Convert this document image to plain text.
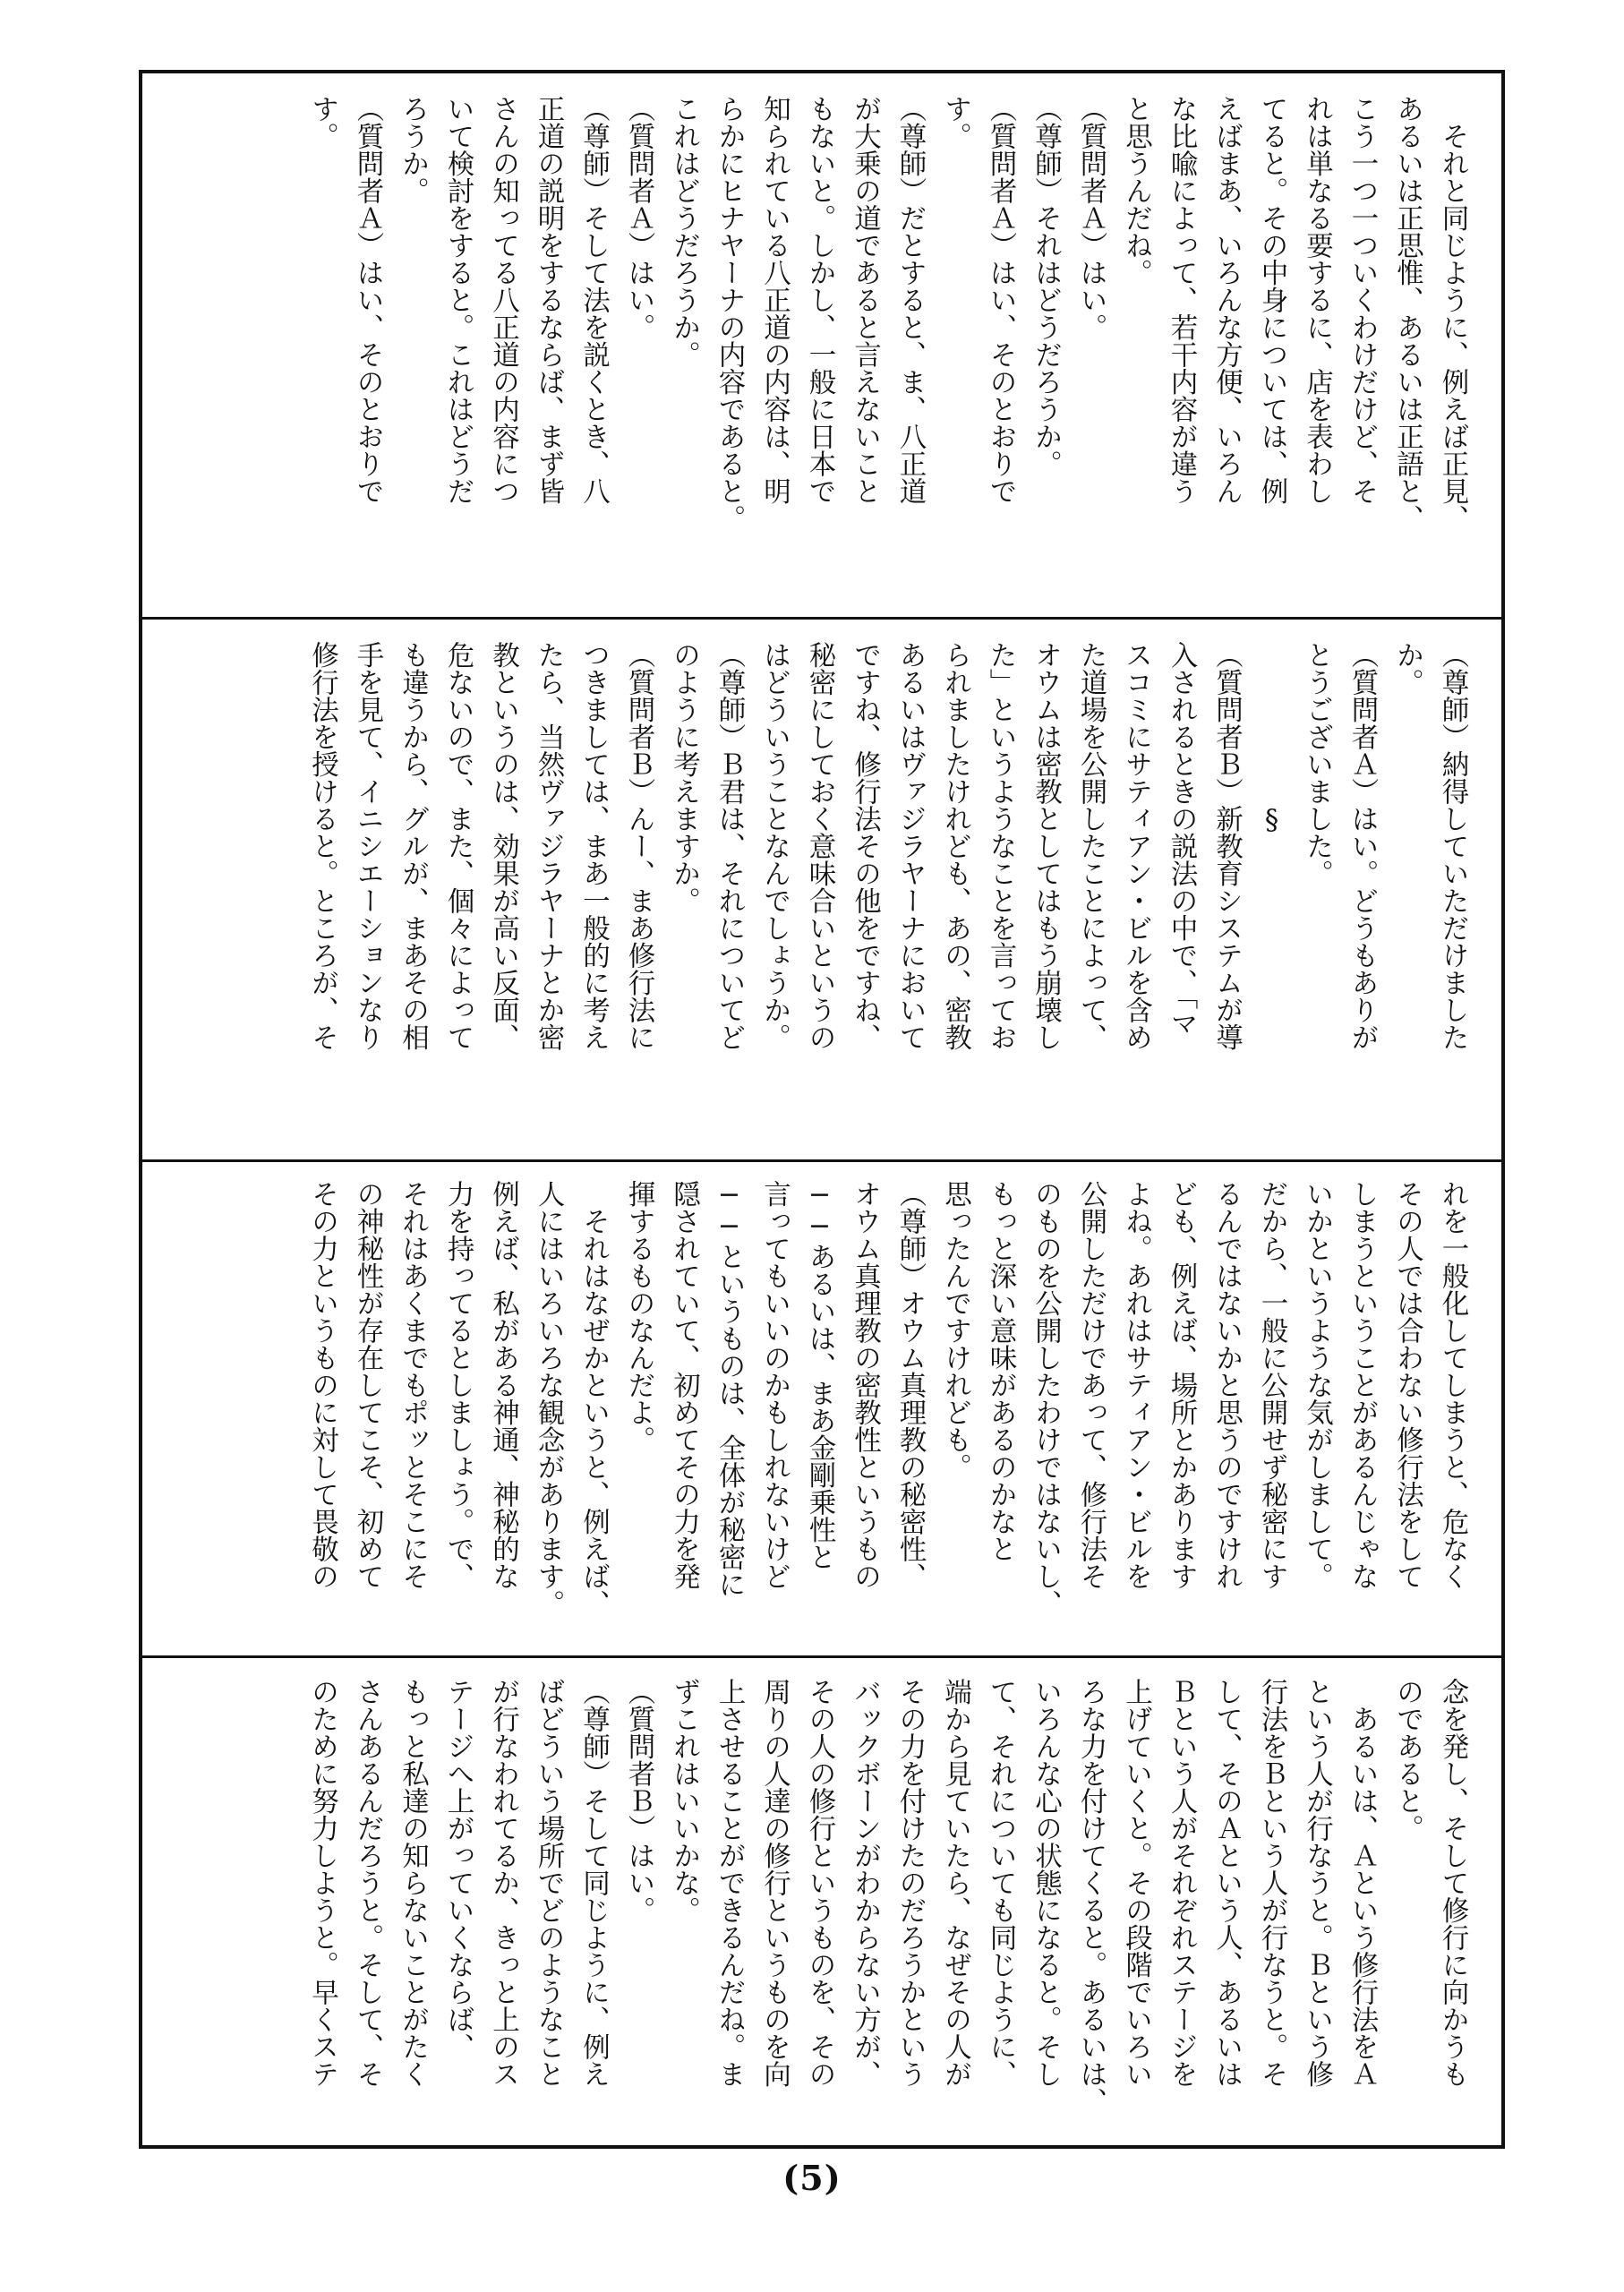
　それと同じように、例えば正見、
あるいは正思惟、あるいは正語と、
こう一つ一ついくわけだけど、そ
れは単なる要するに、店を表わし
てると。その中身については、例
えばまあ、いろんな方便、いろん
な比喩によって、若干内容が違う
と思うんだね。
（質問者Ａ）はい。
（尊師）それはどうだろうか。
（質問者Ａ）はい、そのとおりで
す。
（尊師）だとすると、ま、八正道
が大乗の道であると言えないこと
もないと。しかし、一般に日本で
知られている八正道の内容は、明
らかにヒナヤーナの内容であると。
これはどうだろうか。
（質問者Ａ）はい。
（尊師）そして法を説くとき、八
正道の説明をするならば、まず皆
さんの知ってる八正道の内容につ
いて検討をすると。これはどうだ
ろうか。
（質問者Ａ）はい、そのとおりで
す。

（尊師）納得していただけました
か。
（質問者Ａ）はい。どうもありが
とうございました。
　　　　　　§
（質問者Ｂ）新教育システムが導
入されるときの説法の中で、「マ
スコミにサティアン・ビルを含め
た道場を公開したことによって、
オウムは密教としてはもう崩壊し
た」というようなことを言ってお
られましたけれども、あの、密教
あるいはヴァジラヤーナにおいて
ですね、修行法その他をですね、
秘密にしておく意味合いというの
はどういうことなんでしょうか。
（尊師）Ｂ君は、それについてど
のように考えますか。
（質問者Ｂ）んー、まあ修行法に
つきましては、まあ一般的に考え
たら、当然ヴァジラヤーナとか密
教というのは、効果が高い反面、
危ないので、また、個々によって
も違うから、グルが、まあその相
手を見て、イニシエーションなり
修行法を授けると。ところが、そ

れを一般化してしまうと、危なく
その人では合わない修行法をして
しまうということがあるんじゃな
いかというような気がしまして。
だから、一般に公開せず秘密にす
るんではないかと思うのですけれ
ども、例えば、場所とかあります
よね。あれはサティアン・ビルを
公開しただけであって、修行法そ
のものを公開したわけではないし、
もっと深い意味があるのかなと
思ったんですけれども。
（尊師）オウム真理教の秘密性、
オウム真理教の密教性というもの
──あるいは、まあ金剛乗性と
言ってもいいのかもしれないけど
──というものは、全体が秘密に
隠されていて、初めてその力を発
揮するものなんだよ。
　それはなぜかというと、例えば、
人にはいろいろな観念があります。
例えば、私がある神通、神秘的な
力を持ってるとしましょう。で、
それはあくまでもポッとそこにそ
の神秘性が存在してこそ、初めて
その力というものに対して畏敬の

念を発し、そして修行に向かうも
のであると。
　あるいは、Ａという修行法をＡ
という人が行なうと。Ｂという修
行法をＢという人が行なうと。そ
して、そのＡという人、あるいは
Ｂという人がそれぞれステージを
上げていくと。その段階でいろい
ろな力を付けてくると。あるいは、
いろんな心の状態になると。そし
て、それについても同じように、
端から見ていたら、なぜその人が
その力を付けたのだろうかという
バックボーンがわからない方が、
その人の修行というものを、その
周りの人達の修行というものを向
上させることができるんだね。ま
ずこれはいいかな。
（質問者Ｂ）はい。
（尊師）そして同じように、例え
ばどういう場所でどのようなこと
が行なわれてるか、きっと上のス
テージへ上がっていくならば、
もっと私達の知らないことがたく
さんあるんだろうと。そして、そ
のために努力しようと。早くステ

(5)
